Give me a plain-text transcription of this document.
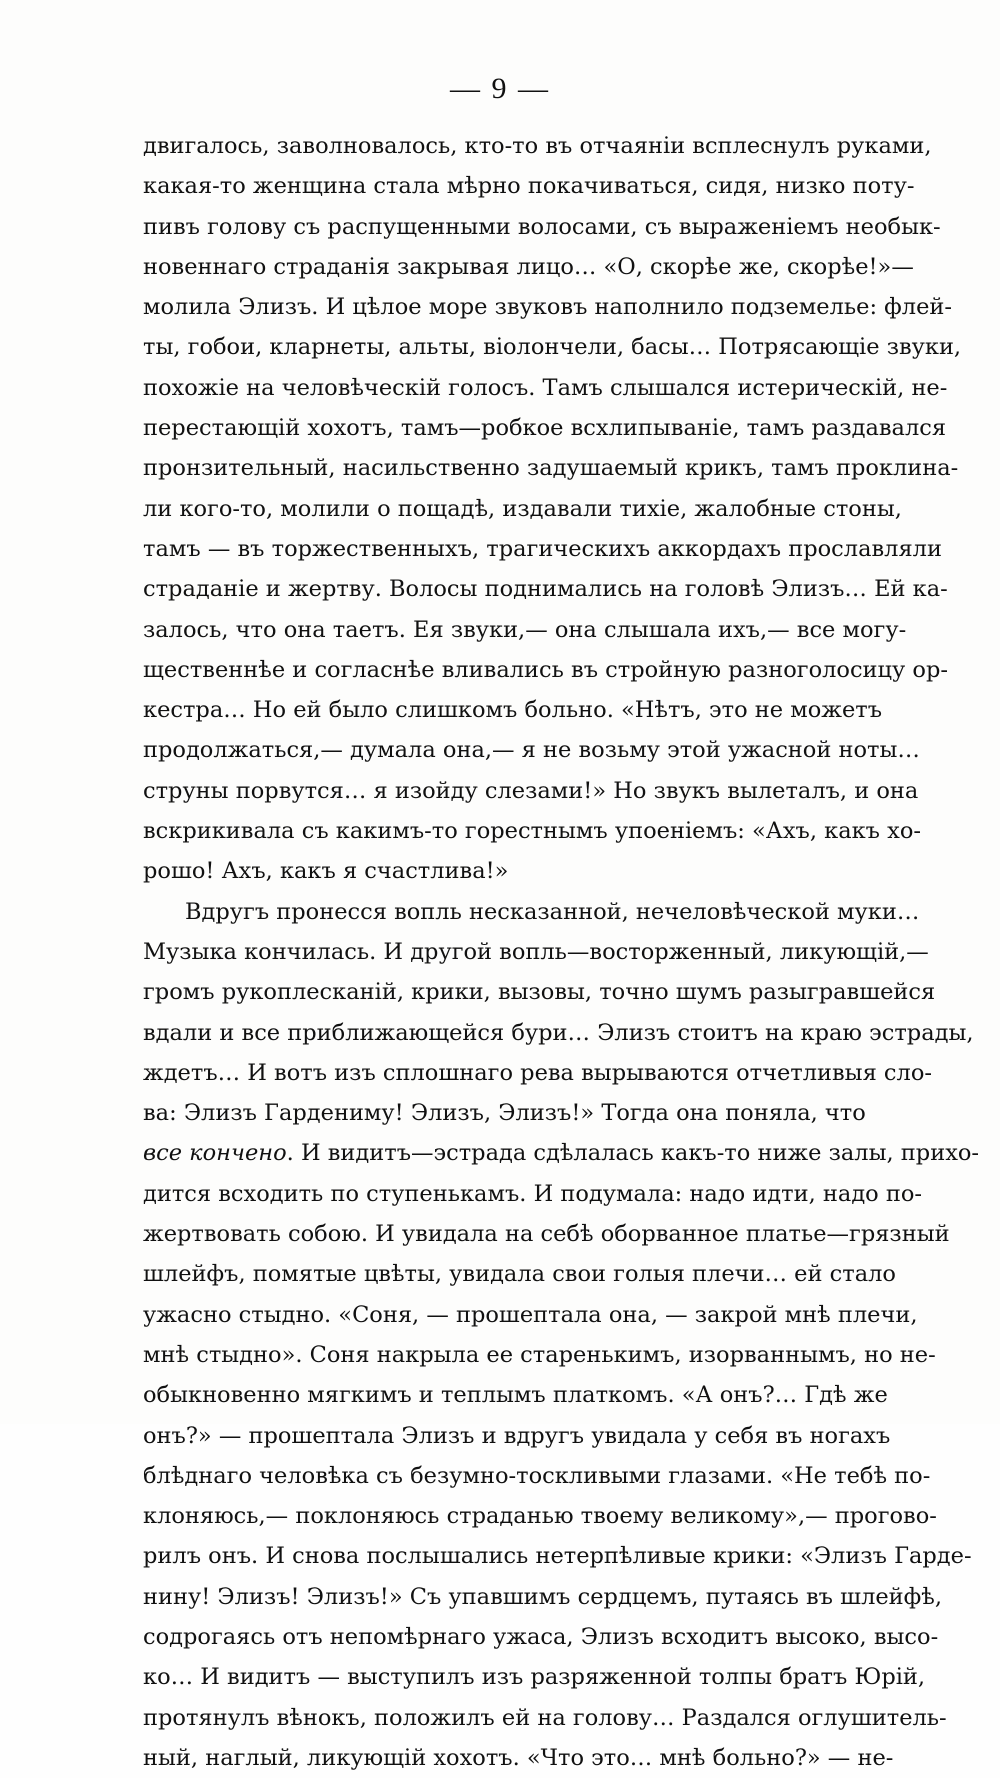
— 9 —
двигалось, заволновалось, кто-то въ отчаяніи всплеснулъ руками,
какая-то женщина стала мѣрно покачиваться, сидя, низко поту-
пивъ голову съ распущенными волосами, съ выраженіемъ необык-
новеннаго страданія закрывая лицо… «О, скорѣе же, скорѣе!»—
молила Элизъ. И цѣлое море звуковъ наполнило подземелье: флей-
ты, гобои, кларнеты, альты, віолончели, басы… Потрясающіе звуки,
похожіе на человѣческій голосъ. Тамъ слышался истерическій, не-
перестающій хохотъ, тамъ—робкое всхлипываніе, тамъ раздавался
пронзительный, насильственно задушаемый крикъ, тамъ проклина-
ли кого-то, молили о пощадѣ, издавали тихіе, жалобные стоны,
тамъ — въ торжественныхъ, трагическихъ аккордахъ прославляли
страданіе и жертву. Волосы поднимались на головѣ Элизъ… Ей ка-
залось, что она таетъ. Ея звуки,— она слышала ихъ,— все могу-
щественнѣе и согласнѣе вливались въ стройную разноголосицу ор-
кестра… Но ей было слишкомъ больно. «Нѣтъ, это не можетъ
продолжаться,— думала она,— я не возьму этой ужасной ноты…
струны порвутся… я изойду слезами!» Но звукъ вылеталъ, и она
вскрикивала съ какимъ-то горестнымъ упоеніемъ: «Ахъ, какъ хо-
рошо! Ахъ, какъ я счастлива!»
Вдругъ пронесся вопль несказанной, нечеловѣческой муки…
Музыка кончилась. И другой вопль—восторженный, ликующій,—
громъ рукоплесканій, крики, вызовы, точно шумъ разыгравшейся
вдали и все приближающейся бури… Элизъ стоитъ на краю эстрады,
ждетъ… И вотъ изъ сплошнаго рева вырываются отчетливыя сло-
ва: Элизъ Гардениму! Элизъ, Элизъ!» Тогда она поняла, что
все кончено. И видитъ—эстрада сдѣлалась какъ-то ниже залы, прихо-
дится всходить по ступенькамъ. И подумала: надо идти, надо по-
жертвовать собою. И увидала на себѣ оборванное платье—грязный
шлейфъ, помятые цвѣты, увидала свои голыя плечи… ей стало
ужасно стыдно. «Соня, — прошептала она, — закрой мнѣ плечи,
мнѣ стыдно». Соня накрыла ее старенькимъ, изорваннымъ, но не-
обыкновенно мягкимъ и теплымъ платкомъ. «А онъ?… Гдѣ же
онъ?» — прошептала Элизъ и вдругъ увидала у себя въ ногахъ
блѣднаго человѣка съ безумно-тоскливыми глазами. «Не тебѣ по-
клоняюсь,— поклоняюсь страданью твоему великому»,— прогово-
рилъ онъ. И снова послышались нетерпѣливые крики: «Элизъ Гарде-
нину! Элизъ! Элизъ!» Съ упавшимъ сердцемъ, путаясь въ шлейфѣ,
содрогаясь отъ непомѣрнаго ужаса, Элизъ всходитъ высоко, высо-
ко… И видитъ — выступилъ изъ разряженной толпы братъ Юрій,
протянулъ вѣнокъ, положилъ ей на голову… Раздался оглушитель-
ный, наглый, ликующій хохотъ. «Что это… мнѣ больно?» — не-
